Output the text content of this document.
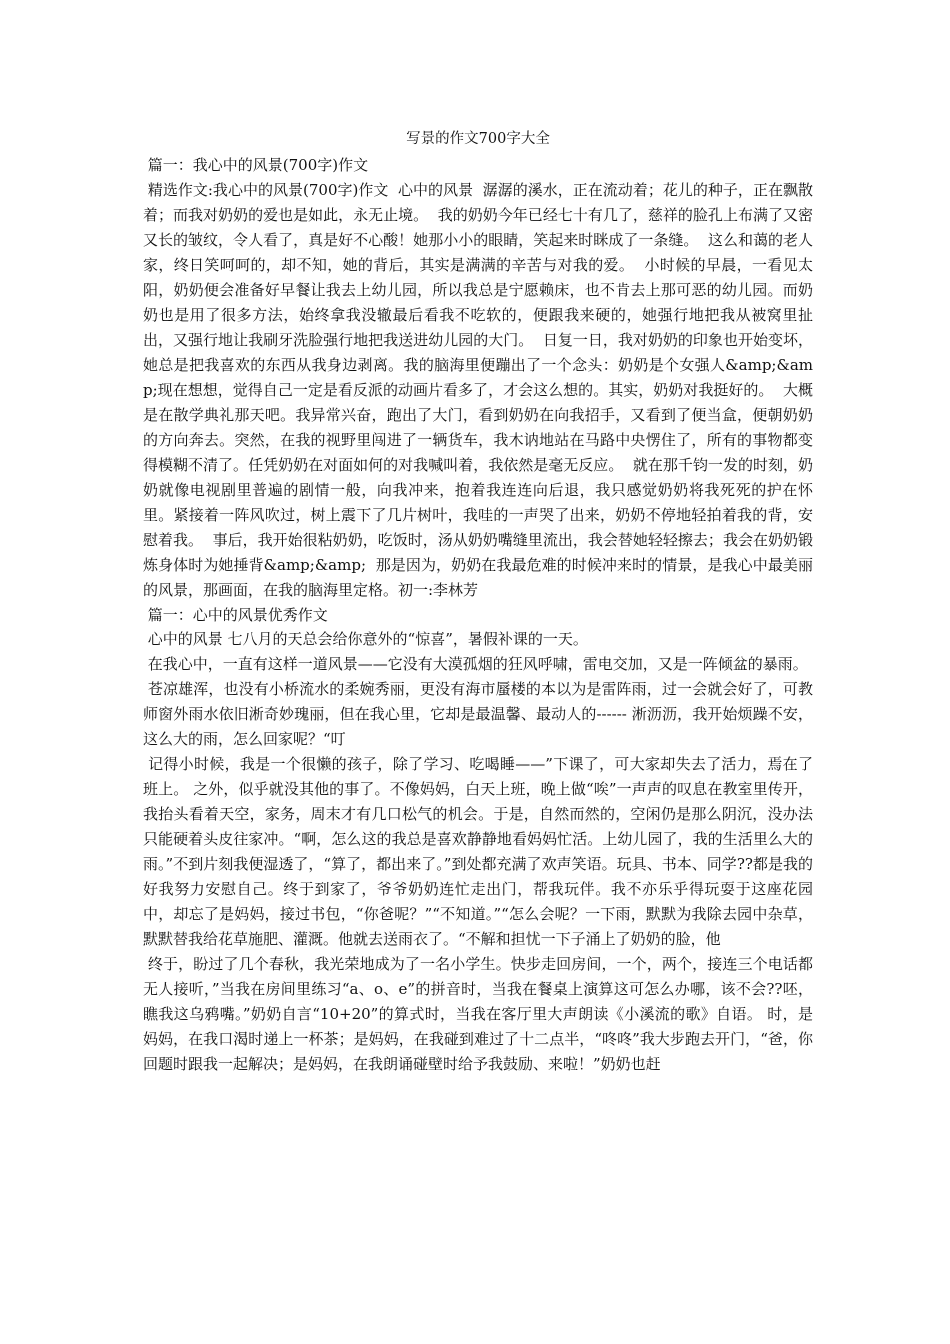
写景的作文700字大全

篇一：我心中的风景(700字)作文

精选作文:我心中的风景(700字)作文  心中的风景  潺潺的溪水，正在流动着；花儿的种子，正在飘散着；而我对奶奶的爱也是如此，永无止境。  我的奶奶今年已经七十有几了，慈祥的脸孔上布满了又密又长的皱纹，令人看了，真是好不心酸！她那小小的眼睛，笑起来时眯成了一条缝。  这么和蔼的老人家，终日笑呵呵的，却不知，她的背后，其实是满满的辛苦与对我的爱。  小时候的早晨，一看见太阳，奶奶便会准备好早餐让我去上幼儿园，所以我总是宁愿赖床，也不肯去上那可恶的幼儿园。而奶奶也是用了很多方法，始终拿我没辙最后看我不吃软的，便跟我来硬的，她强行地把我从被窝里扯出，又强行地让我刷牙洗脸强行地把我送进幼儿园的大门。  日复一日，我对奶奶的印象也开始变坏，她总是把我喜欢的东西从我身边剥离。我的脑海里便蹦出了一个念头：奶奶是个女强人&amp;&amp;现在想想，觉得自己一定是看反派的动画片看多了，才会这么想的。其实，奶奶对我挺好的。  大概是在散学典礼那天吧。我异常兴奋，跑出了大门，看到奶奶在向我招手，又看到了便当盒，便朝奶奶的方向奔去。突然，在我的视野里闯进了一辆货车，我木讷地站在马路中央愣住了，所有的事物都变得模糊不清了。任凭奶奶在对面如何的对我喊叫着，我依然是毫无反应。  就在那千钧一发的时刻，奶奶就像电视剧里普遍的剧情一般，向我冲来，抱着我连连向后退，我只感觉奶奶将我死死的护在怀里。紧接着一阵风吹过，树上震下了几片树叶，我哇的一声哭了出来，奶奶不停地轻拍着我的背，安慰着我。  事后，我开始很粘奶奶，吃饭时，汤从奶奶嘴缝里流出，我会替她轻轻擦去；我会在奶奶锻炼身体时为她捶背&amp;&amp;  那是因为，奶奶在我最危难的时候冲来时的情景，是我心中最美丽的风景，那画面，在我的脑海里定格。初一:李林芳

篇一：心中的风景优秀作文

心中的风景 七八月的天总会给你意外的“惊喜”，暑假补课的一天。

在我心中，一直有这样一道风景——它没有大漠孤烟的狂风呼啸，雷电交加，又是一阵倾盆的暴雨。

苍凉雄浑，也没有小桥流水的柔婉秀丽，更没有海市蜃楼的本以为是雷阵雨，过一会就会好了，可教师窗外雨水依旧淅奇妙瑰丽，但在我心里，它却是最温馨、最动人的------ 淅沥沥，我开始烦躁不安，这么大的雨，怎么回家呢？“叮

记得小时候，我是一个很懒的孩子，除了学习、吃喝睡——”下课了，可大家却失去了活力，焉在了班上。 之外，似乎就没其他的事了。不像妈妈，白天上班，晚上做“唉”一声声的叹息在教室里传开，我抬头看着天空，家务，周末才有几口松气的机会。于是，自然而然的，空闲仍是那么阴沉，没办法只能硬着头皮往家冲。“啊，怎么这的我总是喜欢静静地看妈妈忙活。上幼儿园了，我的生活里么大的雨。”不到片刻我便湿透了，“算了，都出来了。”到处都充满了欢声笑语。玩具、书本、同学??都是我的好我努力安慰自己。终于到家了，爷爷奶奶连忙走出门，帮我玩伴。我不亦乐乎得玩耍于这座花园中，却忘了是妈妈，接过书包，“你爸呢？”“不知道。”“怎么会呢？一下雨，默默为我除去园中杂草，默默替我给花草施肥、灌溉。他就去送雨衣了。“不解和担忧一下子涌上了奶奶的脸，他

终于，盼过了几个春秋，我光荣地成为了一名小学生。快步走回房间，一个，两个，接连三个电话都无人接听，”当我在房间里练习“a、o、e”的拼音时，当我在餐桌上演算这可怎么办哪，该不会??呸，瞧我这乌鸦嘴。”奶奶自言“10+20”的算式时，当我在客厅里大声朗读《小溪流的歌》自语。 时，是妈妈，在我口渴时递上一杯茶；是妈妈，在我碰到难过了十二点半，“咚咚”我大步跑去开门，“爸，你回题时跟我一起解决；是妈妈，在我朗诵碰壁时给予我鼓励、来啦！”奶奶也赶
